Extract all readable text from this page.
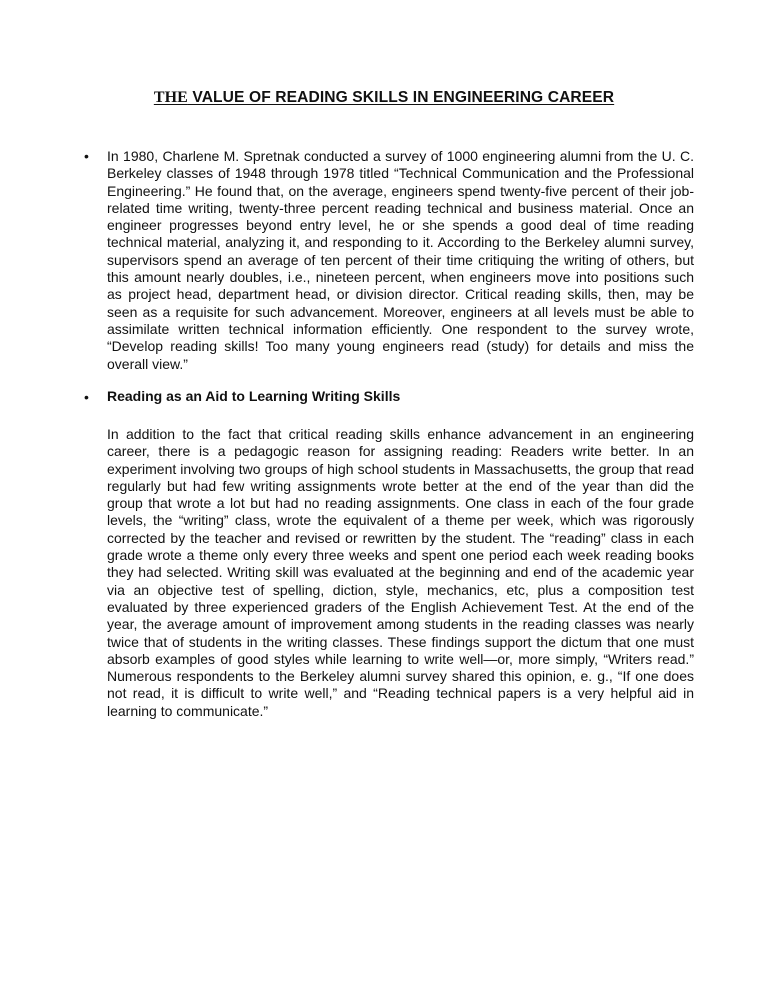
THE VALUE OF READING SKILLS IN ENGINEERING CAREER
• In 1980, Charlene M. Spretnak conducted a survey of 1000 engineering alumni from the U. C. Berkeley classes of 1948 through 1978 titled “Technical Communication and the Professional Engineering.” He found that, on the average, engineers spend twenty-five percent of their job-related time writing, twenty-three percent reading technical and business material. Once an engineer progresses beyond entry level, he or she spends a good deal of time reading technical material, analyzing it, and responding to it. According to the Berkeley alumni survey, supervisors spend an average of ten percent of their time critiquing the writing of others, but this amount nearly doubles, i.e., nineteen percent, when engineers move into positions such as project head, department head, or division director. Critical reading skills, then, may be seen as a requisite for such advancement. Moreover, engineers at all levels must be able to assimilate written technical information efficiently. One respondent to the survey wrote, “Develop reading skills! Too many young engineers read (study) for details and miss the overall view.”

• Reading as an Aid to Learning Writing Skills

In addition to the fact that critical reading skills enhance advancement in an engineering career, there is a pedagogic reason for assigning reading: Readers write better. In an experiment involving two groups of high school students in Massachusetts, the group that read regularly but had few writing assignments wrote better at the end of the year than did the group that wrote a lot but had no reading assignments. One class in each of the four grade levels, the “writing” class, wrote the equivalent of a theme per week, which was rigorously corrected by the teacher and revised or rewritten by the student. The “reading” class in each grade wrote a theme only every three weeks and spent one period each week reading books they had selected. Writing skill was evaluated at the beginning and end of the academic year via an objective test of spelling, diction, style, mechanics, etc, plus a composition test evaluated by three experienced graders of the English Achievement Test. At the end of the year, the average amount of improvement among students in the reading classes was nearly twice that of students in the writing classes. These findings support the dictum that one must absorb examples of good styles while learning to write well—or, more simply, “Writers read.” Numerous respondents to the Berkeley alumni survey shared this opinion, e. g., “If one does not read, it is difficult to write well,” and “Reading technical papers is a very helpful aid in learning to communicate.”
